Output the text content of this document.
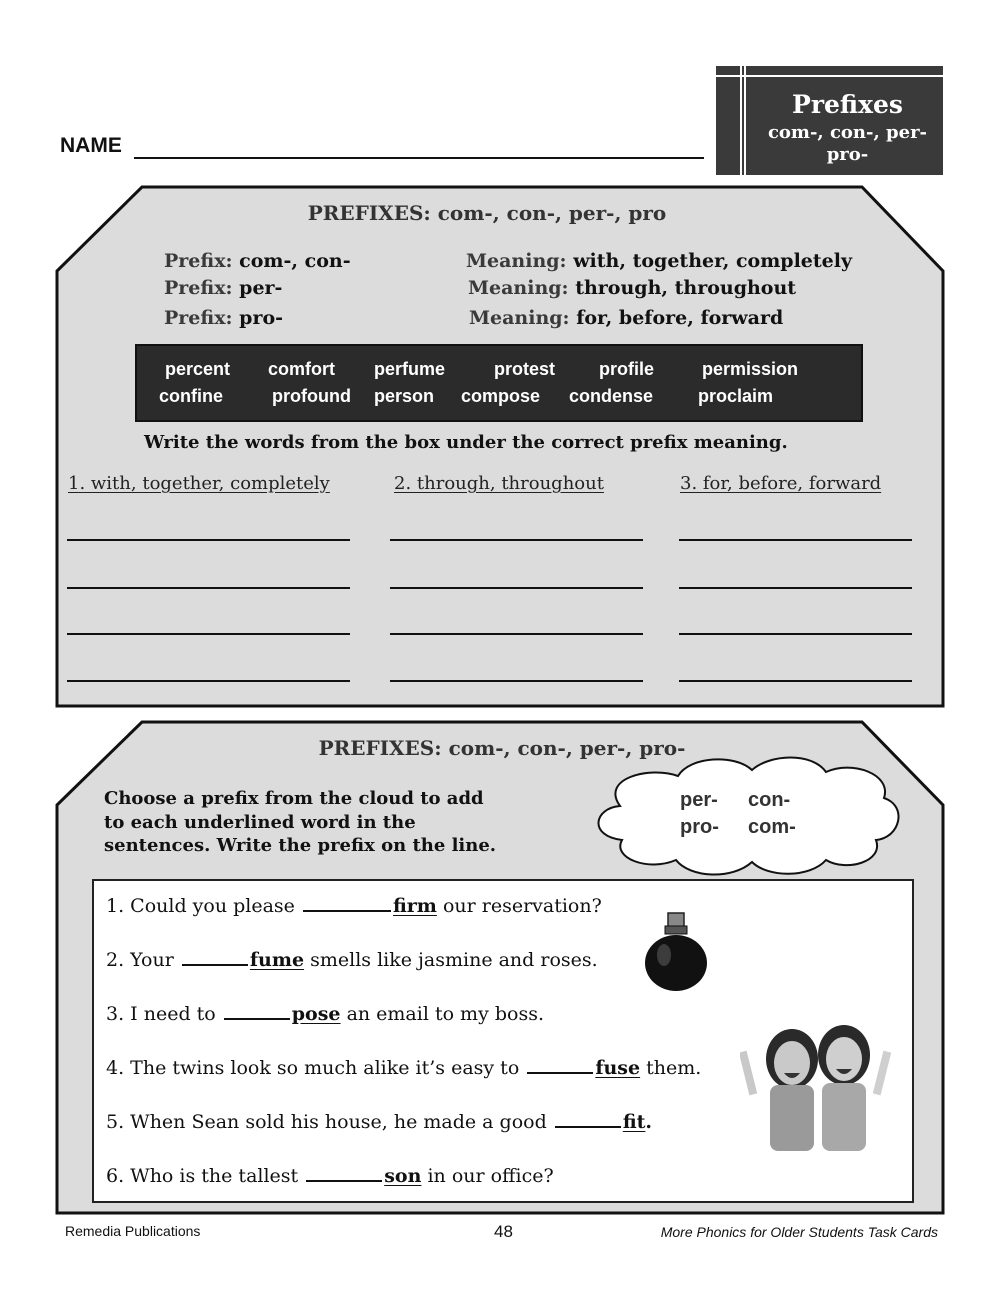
NAME
Prefixes
com-, con-, per-
pro-
PREFIXES: com-, con-, per-, pro
Prefix: com-, con-	Meaning: with, together, completely
Prefix: per-	Meaning: through, throughout
Prefix: pro-	Meaning: for, before, forward
percent comfort perfume	protest profile	permission
confine	profound person compose condense proclaim
Write the words from the box under the correct prefix meaning.
1. with, together, completely	2. through, throughout	3. for, before, forward
PREFIXES: com-, con-, per-, pro-
Choose a prefix from the cloud to add
to each underlined word in the
sentences. Write the prefix on the line.
per- con-
pro- com-
1. Could you please	firm our reservation?
2. Your	fume smells like jasmine and roses.
3. I need to	pose an email to my boss.
4. The twins look so much alike it’s easy to	fuse them.
5. When Sean sold his house, he made a good	fit.
6. Who is the tallest	son in our office?
Remedia Publications	48	More Phonics for Older Students Task Cards
